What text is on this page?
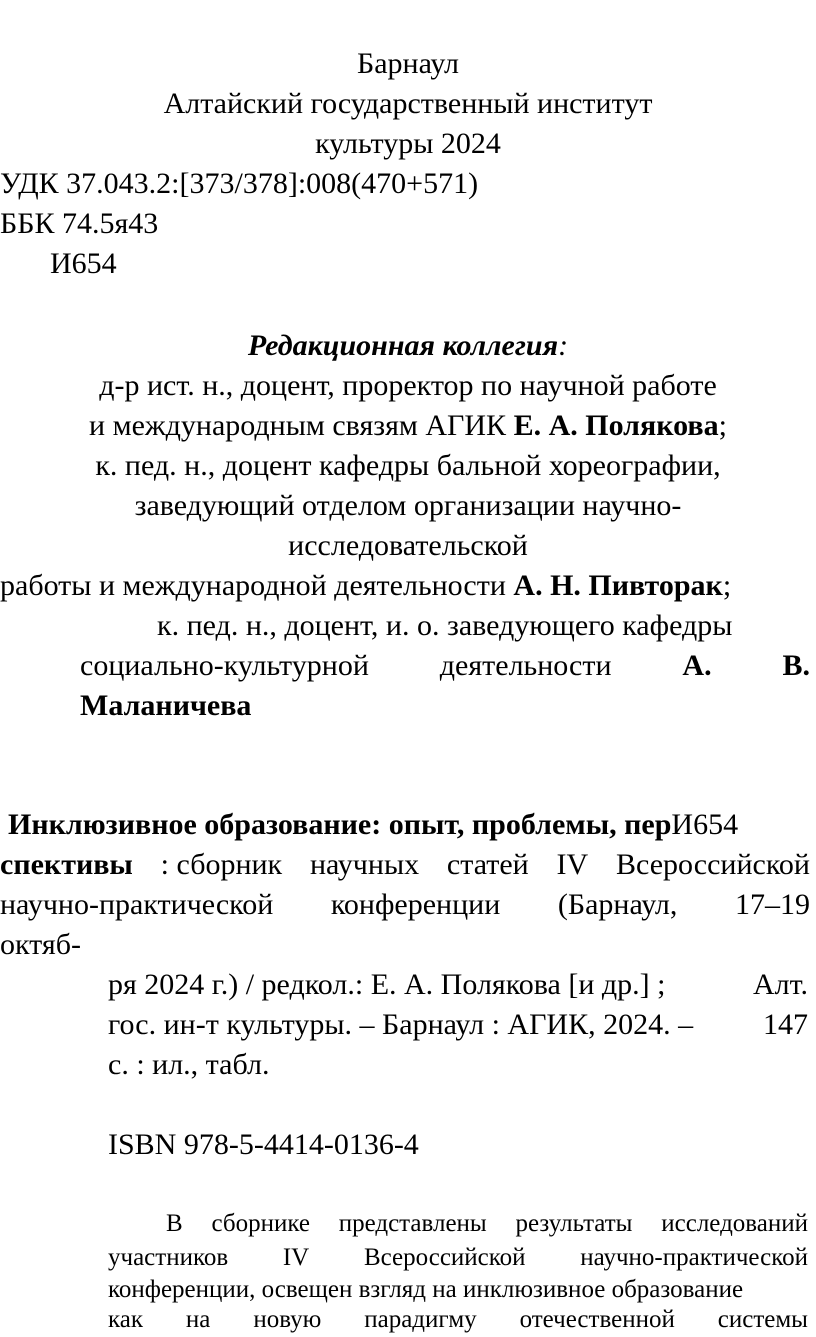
Барнаул
Алтайский государственный институт
культуры 2024
УДК 37.043.2:[373/378]:008(470+571)
ББК 74.5я43
И654
Редакционная коллегия:
д-р ист. н., доцент, проректор по научной работе
и международным связям АГИК Е. А. Полякова;
к. пед. н., доцент кафедры бальной хореографии,
заведующий отделом организации научно-
исследовательской
работы и международной деятельности А. Н. Пивторак;
к. пед. н., доцент, и. о. заведующего кафедры
социально-культурной деятельности А. В.
Маланичева
Инклюзивное образование: опыт, проблемы, перИ654
спективы : сборник научных статей IV Всероссийской
научно-практической конференции (Барнаул, 17–19
октяб-
ря 2024 г.) / редкол.: Е. А. Полякова [и др.] ;	Алт.
гос. ин-т культуры. – Барнаул : АГИК, 2024. – 147
с. : ил., табл.
ISBN 978-5-4414-0136-4
В сборнике представлены результаты исследований
участников IV Всероссийской научно-практической
конференции, освещен взгляд на инклюзивное образование
как на новую парадигму отечественной системы
